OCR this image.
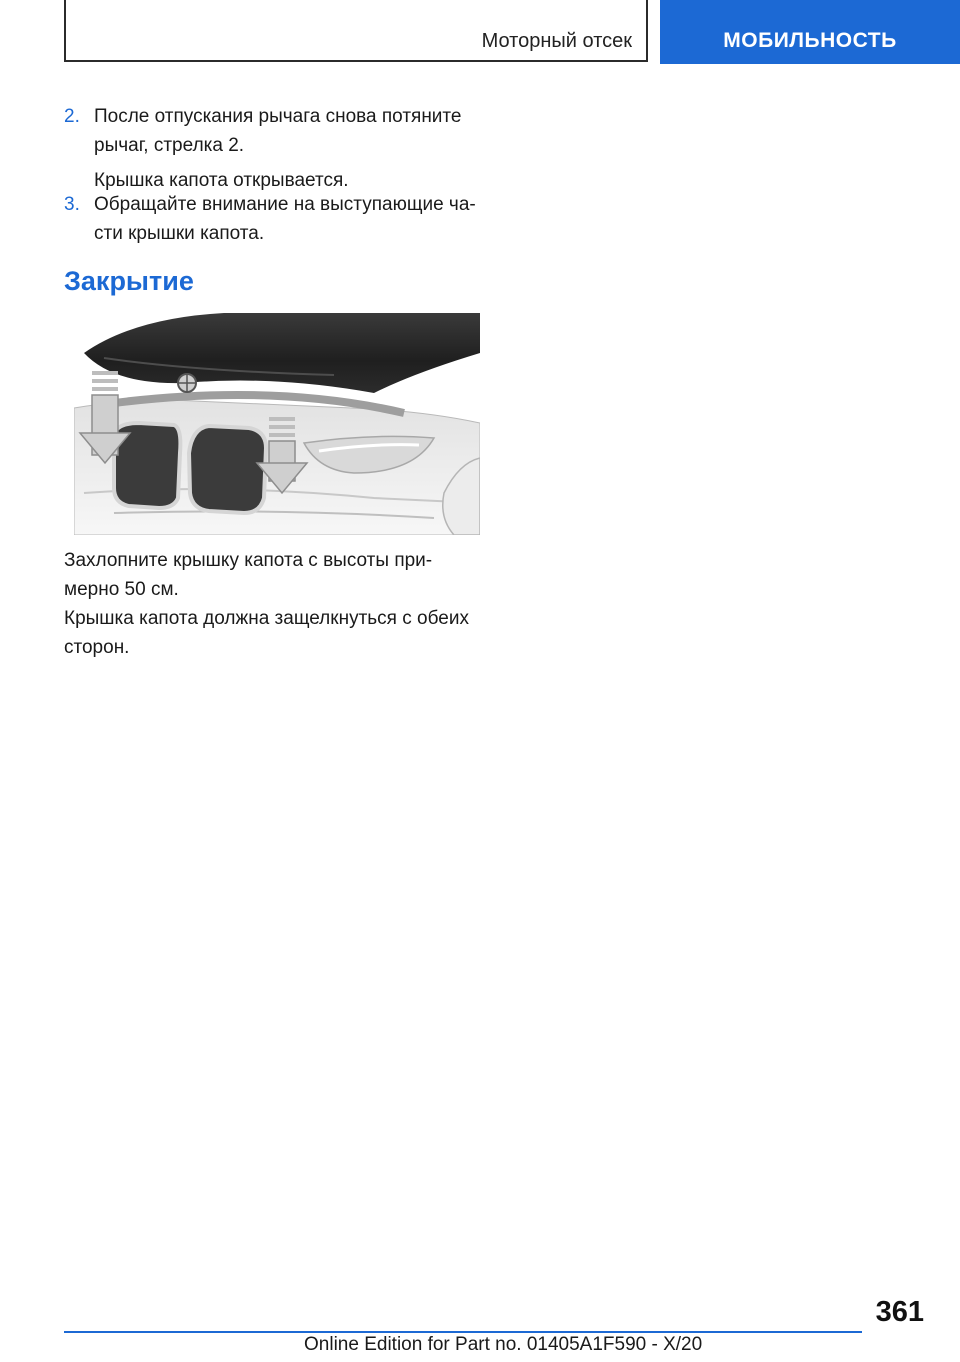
Моторный отсек	МОБИЛЬНОСТЬ
2. После отпускания рычага снова потяните рычаг, стрелка 2.
Крышка капота открывается.
3. Обращайте внимание на выступающие ча-сти крышки капота.
Закрытие
Захлопните крышку капота с высоты при-мерно 50 см.
Крышка капота должна защелкнуться с обеих сторон.
361
Online Edition for Part no. 01405A1F590 - X/20
